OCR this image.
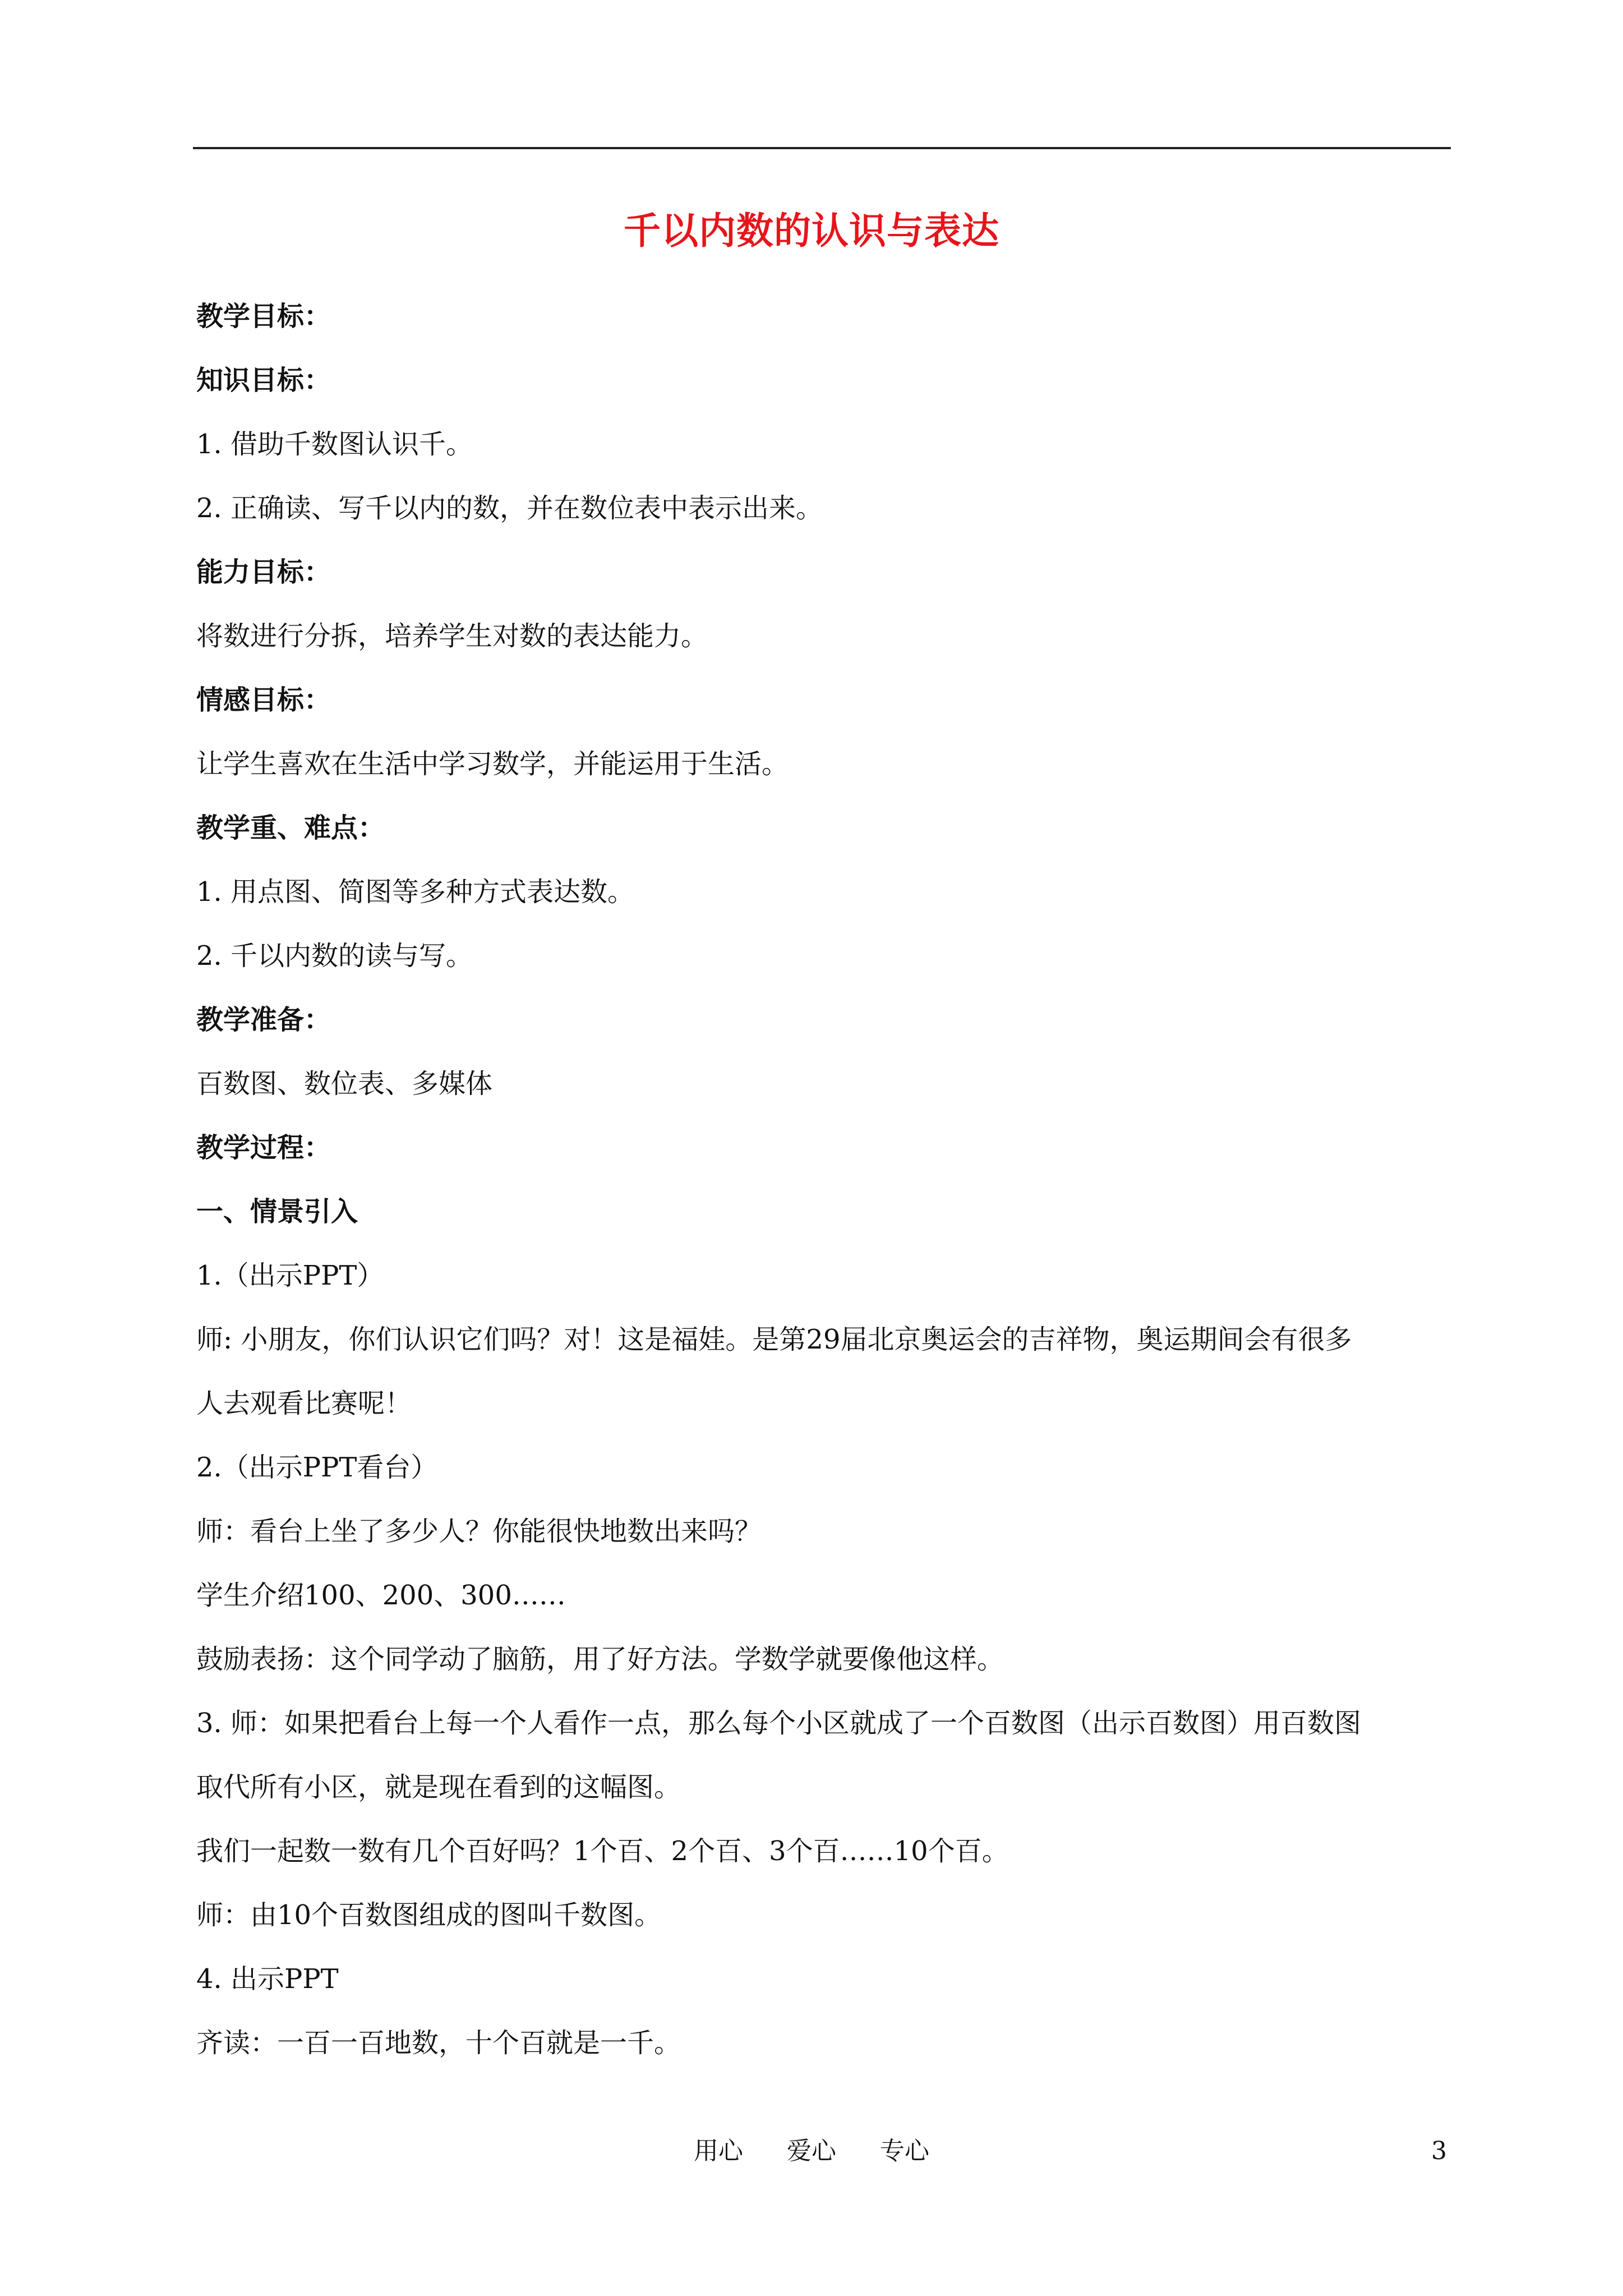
千以内数的认识与表达
教学目标：
知识目标：
1. 借助千数图认识千。
2. 正确读、写千以内的数，并在数位表中表示出来。
能力目标：
将数进行分拆，培养学生对数的表达能力。
情感目标：
让学生喜欢在生活中学习数学，并能运用于生活。
教学重、难点：
1. 用点图、简图等多种方式表达数。
2. 千以内数的读与写。
教学准备：
百数图、数位表、多媒体
教学过程：
一、情景引入
1.（出示PPT）
师: 小朋友，你们认识它们吗？对！这是福娃。是第29届北京奥运会的吉祥物，奥运期间会有很多
人去观看比赛呢！
2.（出示PPT看台）
师：看台上坐了多少人？你能很快地数出来吗？
学生介绍100、200、300……
鼓励表扬：这个同学动了脑筋，用了好方法。学数学就要像他这样。
3. 师：如果把看台上每一个人看作一点，那么每个小区就成了一个百数图（出示百数图）用百数图
取代所有小区，就是现在看到的这幅图。
我们一起数一数有几个百好吗？1个百、2个百、3个百……10个百。
师：由10个百数图组成的图叫千数图。
4. 出示PPT
齐读：一百一百地数，十个百就是一千。
用心 爱心 专心	3
